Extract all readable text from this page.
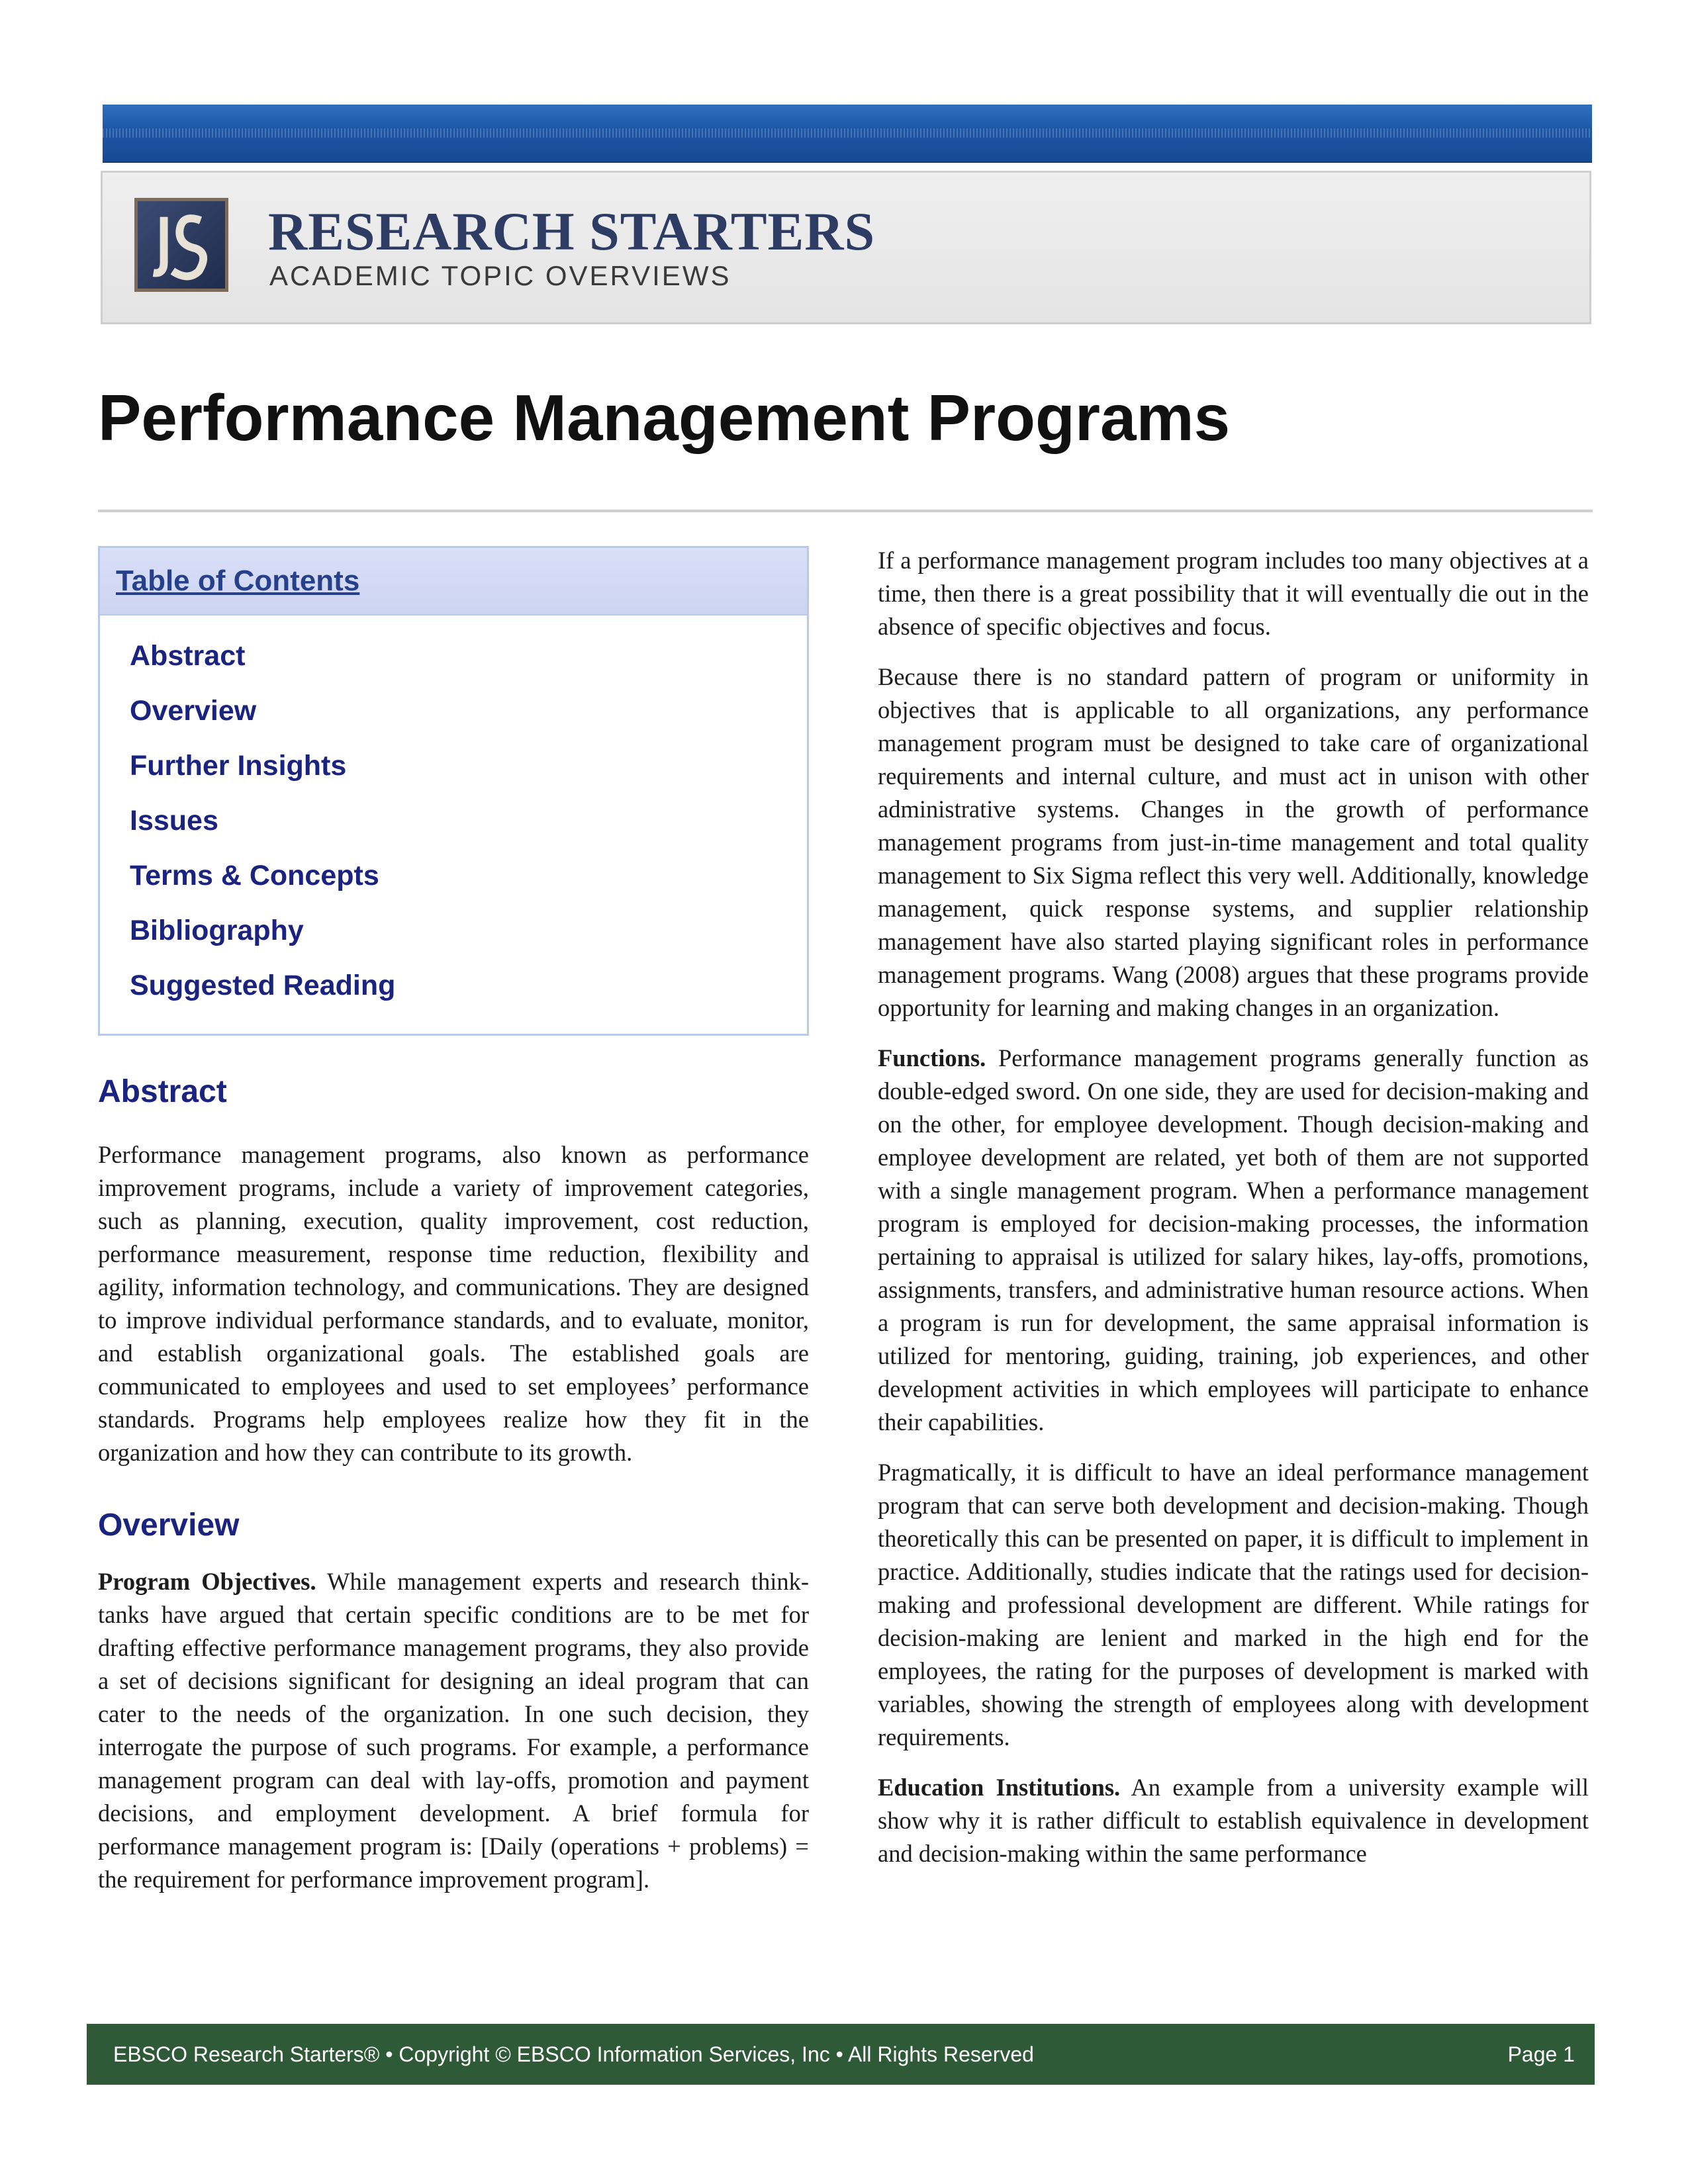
RESEARCH STARTERS
ACADEMIC TOPIC OVERVIEWS
Performance Management Programs
Table of Contents
Abstract
Overview
Further Insights
Issues
Terms & Concepts
Bibliography
Suggested Reading
Abstract

Performance management programs, also known as performance improvement programs, include a variety of improvement categories, such as planning, execution, quality improvement, cost reduction, performance measurement, response time reduction, flexibility and agility, information technology, and communications. They are designed to improve individual performance standards, and to evaluate, monitor, and establish organizational goals. The established goals are communicated to employees and used to set employees’ performance standards. Programs help employees realize how they fit in the organization and how they can contribute to its growth.

Overview

Program Objectives. While management experts and research think-tanks have argued that certain specific conditions are to be met for drafting effective performance management programs, they also provide a set of decisions significant for designing an ideal program that can cater to the needs of the organization. In one such decision, they interrogate the purpose of such programs. For example, a performance management program can deal with lay-offs, promotion and payment decisions, and employment development. A brief formula for performance management program is: [Daily (operations + problems) = the requirement for performance improvement program].

If a performance management program includes too many objectives at a time, then there is a great possibility that it will eventually die out in the absence of specific objectives and focus.

Because there is no standard pattern of program or uniformity in objectives that is applicable to all organizations, any performance management program must be designed to take care of organizational requirements and internal culture, and must act in unison with other administrative systems. Changes in the growth of performance management programs from just-in-time management and total quality management to Six Sigma reflect this very well. Additionally, knowledge management, quick response systems, and supplier relationship management have also started playing significant roles in performance management programs. Wang (2008) argues that these programs provide opportunity for learning and making changes in an organization.

Functions. Performance management programs generally function as double-edged sword. On one side, they are used for decision-making and on the other, for employee development. Though decision-making and employee development are related, yet both of them are not supported with a single management program. When a performance management program is employed for decision-making processes, the information pertaining to appraisal is utilized for salary hikes, lay-offs, promotions, assignments, transfers, and administrative human resource actions. When a program is run for development, the same appraisal information is utilized for mentoring, guiding, training, job experiences, and other development activities in which employees will participate to enhance their capabilities.

Pragmatically, it is difficult to have an ideal performance management program that can serve both development and decision-making. Though theoretically this can be presented on paper, it is difficult to implement in practice. Additionally, studies indicate that the ratings used for decision-making and professional development are different. While ratings for decision-making are lenient and marked in the high end for the employees, the rating for the purposes of development is marked with variables, showing the strength of employees along with development requirements.

Education Institutions. An example from a university example will show why it is rather difficult to establish equivalence in development and decision-making within the same performance

EBSCO Research Starters® • Copyright © EBSCO Information Services, Inc • All Rights Reserved	Page 1
